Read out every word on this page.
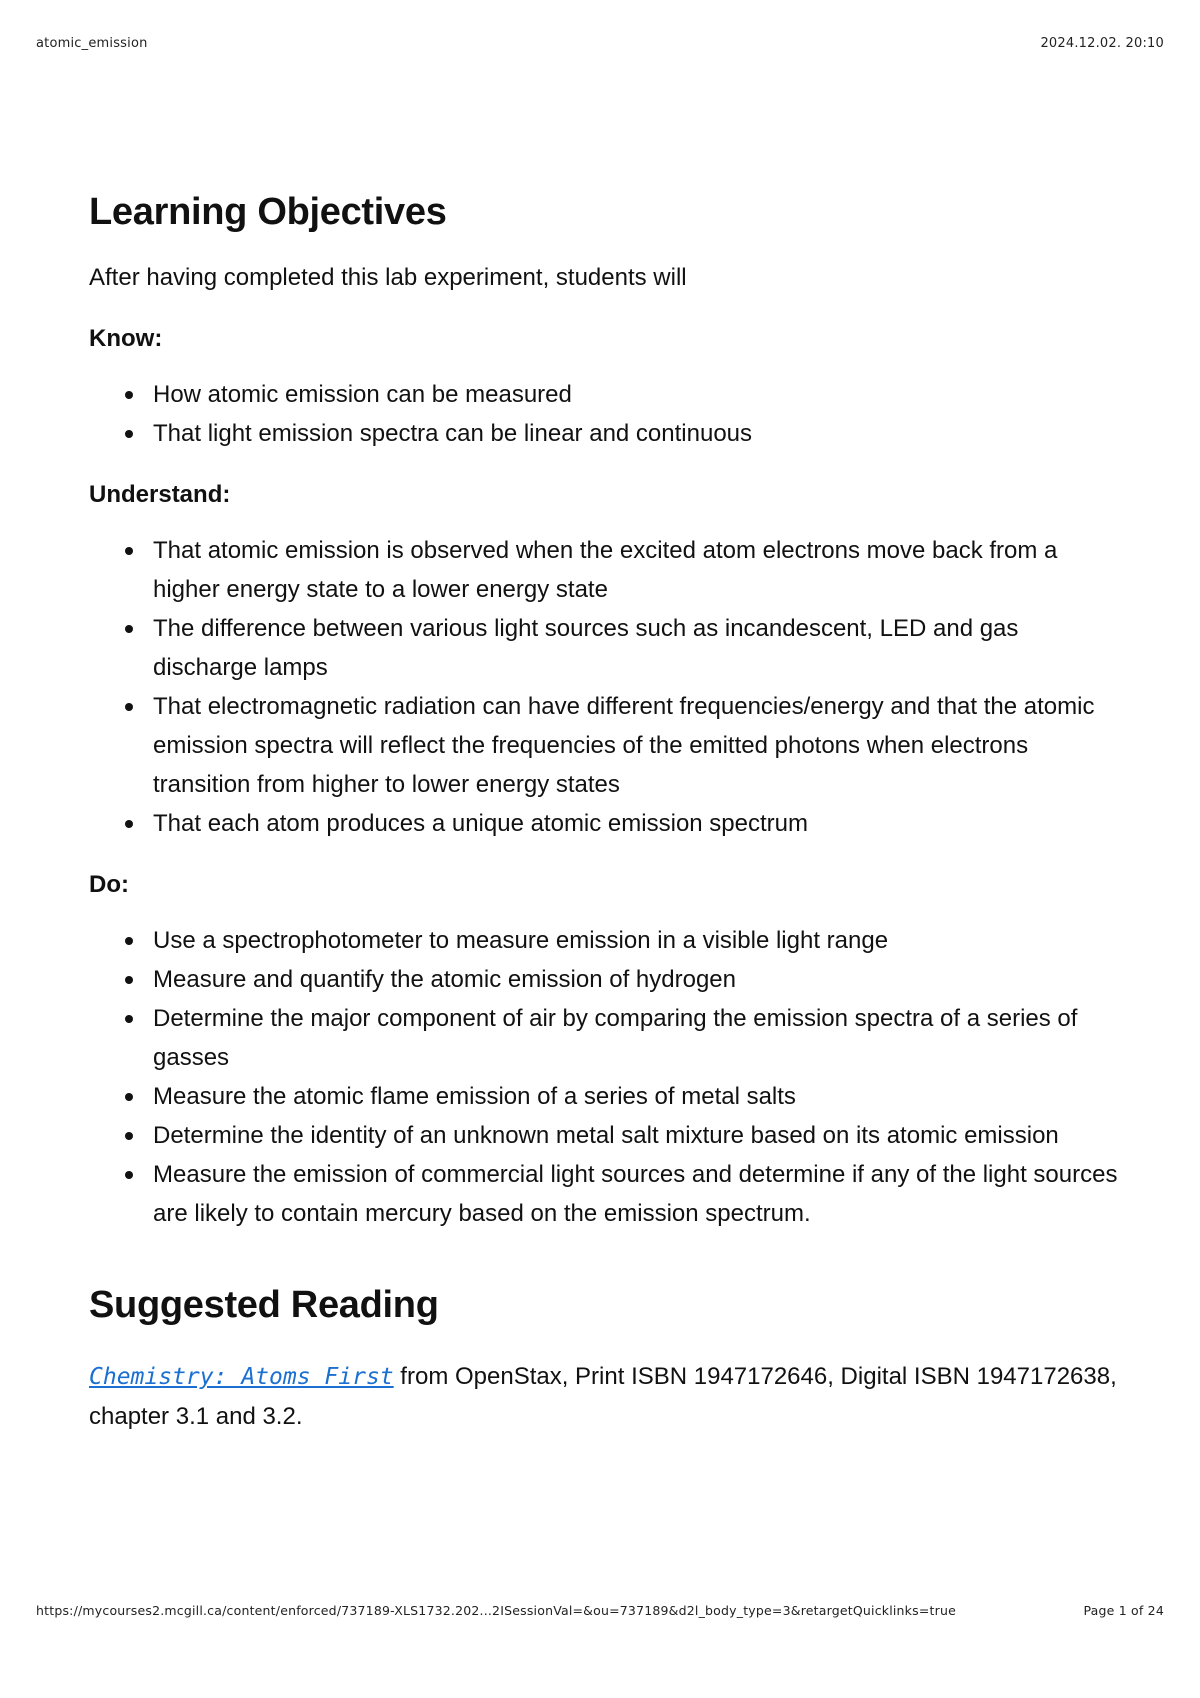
atomic_emission	2024.12.02. 20:10
Learning Objectives

After having completed this lab experiment, students will

Know:

How atomic emission can be measured
That light emission spectra can be linear and continuous

Understand:

That atomic emission is observed when the excited atom electrons move back from a higher energy state to a lower energy state
The difference between various light sources such as incandescent, LED and gas discharge lamps
That electromagnetic radiation can have different frequencies/energy and that the atomic emission spectra will reflect the frequencies of the emitted photons when electrons transition from higher to lower energy states
That each atom produces a unique atomic emission spectrum

Do:

Use a spectrophotometer to measure emission in a visible light range
Measure and quantify the atomic emission of hydrogen
Determine the major component of air by comparing the emission spectra of a series of gasses
Measure the atomic flame emission of a series of metal salts
Determine the identity of an unknown metal salt mixture based on its atomic emission
Measure the emission of commercial light sources and determine if any of the light sources are likely to contain mercury based on the emission spectrum.
Suggested Reading

Chemistry: Atoms First from OpenStax, Print ISBN 1947172646, Digital ISBN 1947172638, chapter 3.1 and 3.2.

https://mycourses2.mcgill.ca/content/enforced/737189-XLS1732.202...2ISessionVal=&ou=737189&d2l_body_type=3&retargetQuicklinks=true	Page 1 of 24
